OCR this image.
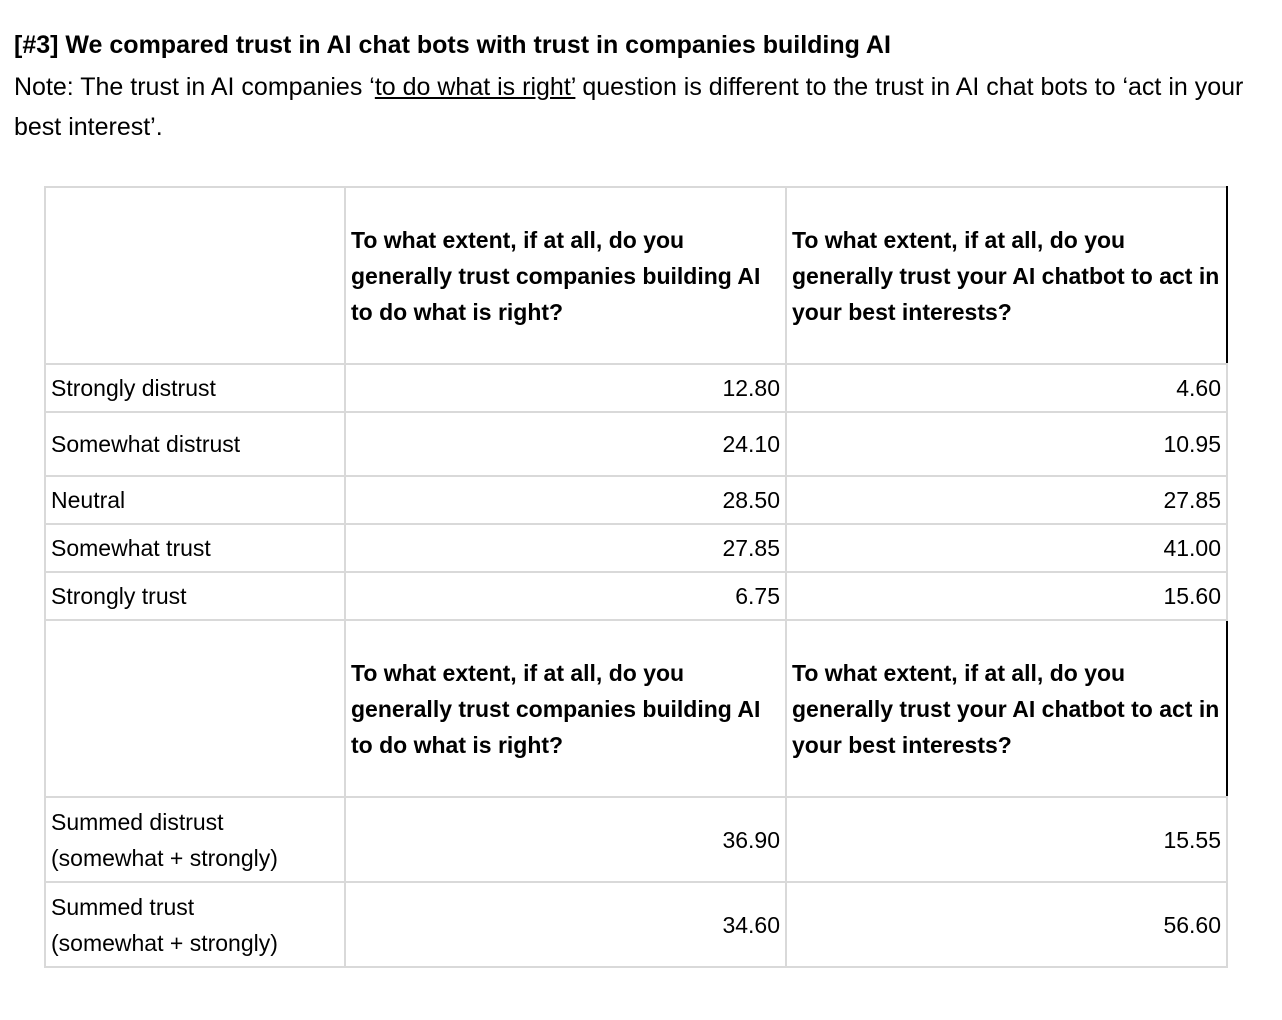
[#3] We compared trust in AI chat bots with trust in companies building AI
Note: The trust in AI companies ‘to do what is right’ question is different to the trust in AI chat bots to ‘act in your best interest’.
	To what extent, if at all, do you generally trust companies building AI to do what is right?	To what extent, if at all, do you generally trust your AI chatbot to act in your best interests?
Strongly distrust	12.80	4.60
Somewhat distrust	24.10	10.95
Neutral	28.50	27.85
Somewhat trust	27.85	41.00
Strongly trust	6.75	15.60
	To what extent, if at all, do you generally trust companies building AI to do what is right?	To what extent, if at all, do you generally trust your AI chatbot to act in your best interests?

Summed distrust
(somewhat + strongly)	36.90	15.55

Summed trust
(somewhat + strongly)	34.60	56.60
